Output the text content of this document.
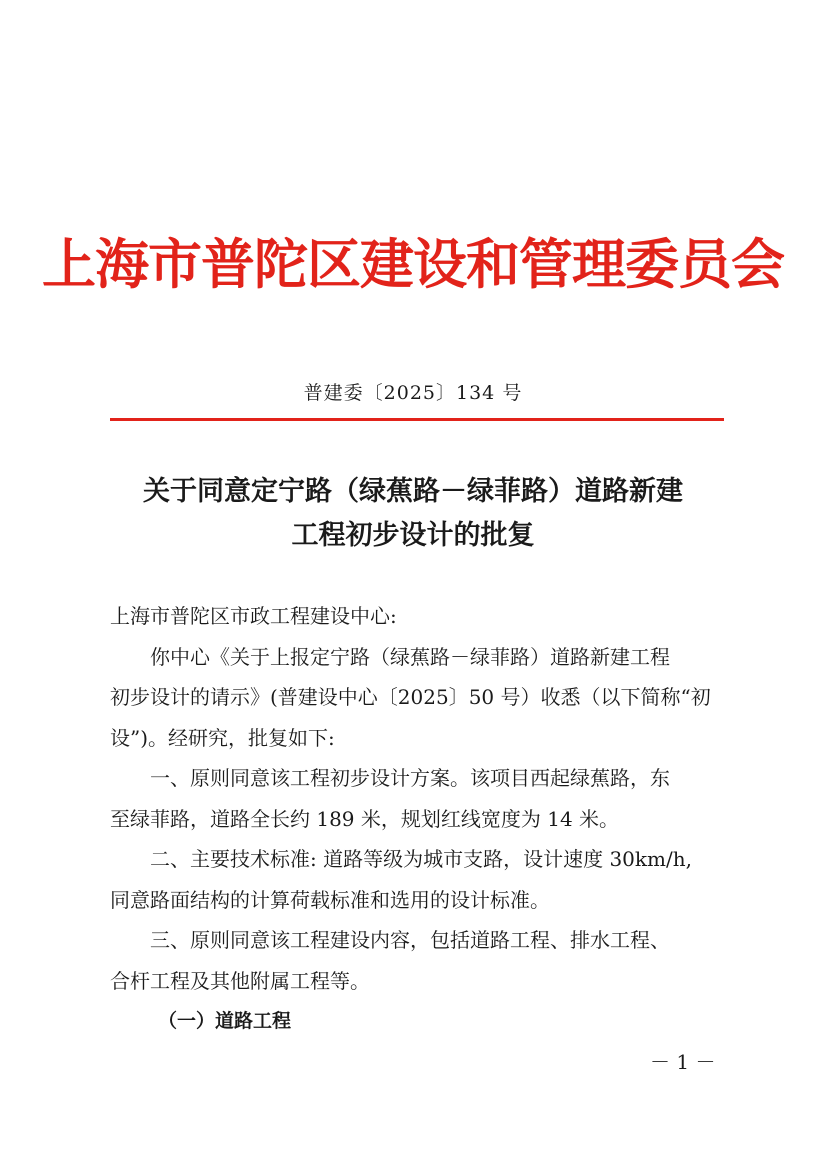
上海市普陀区建设和管理委员会
普建委〔2025〕134 号
关于同意定宁路（绿蕉路－绿菲路）道路新建
工程初步设计的批复
上海市普陀区市政工程建设中心:
你中心《关于上报定宁路（绿蕉路－绿菲路）道路新建工程
初步设计的请示》(普建设中心〔2025〕50 号）收悉（以下简称“初
设”)。经研究，批复如下:
一、原则同意该工程初步设计方案。该项目西起绿蕉路，东
至绿菲路，道路全长约 189 米，规划红线宽度为 14 米。
二、主要技术标准: 道路等级为城市支路，设计速度 30km/h,
同意路面结构的计算荷载标准和选用的设计标准。
三、原则同意该工程建设内容，包括道路工程、排水工程、
合杆工程及其他附属工程等。
（一）道路工程
－ 1 －
